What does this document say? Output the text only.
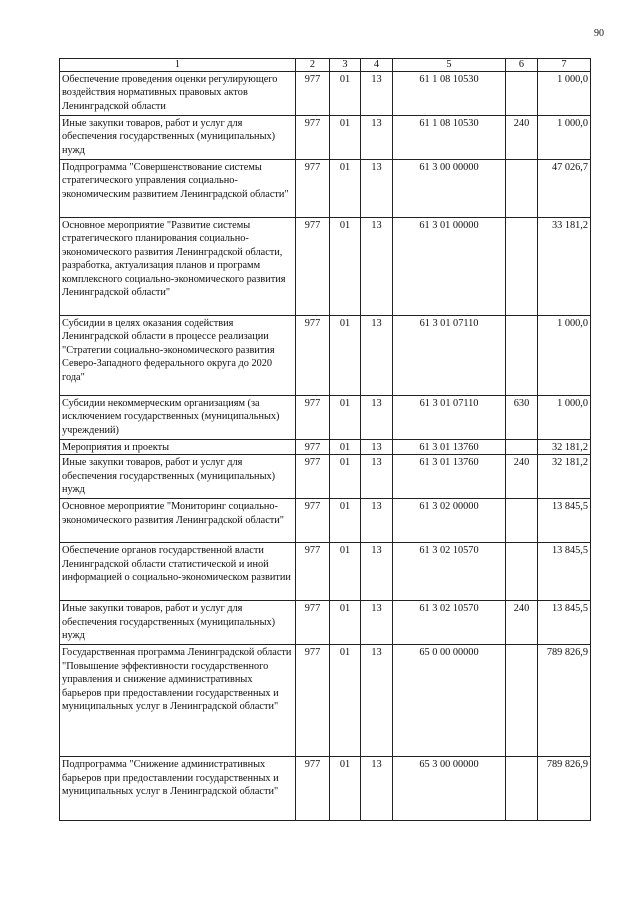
90
1	2	3	4	5	6	7
Обеспечение проведения оценки регулирующего воздействия нормативных правовых актов Ленинградской области	977	01	13	61 1 08 10530		1 000,0
Иные закупки товаров, работ и услуг для обеспечения государственных (муниципальных) нужд	977	01	13	61 1 08 10530	240	1 000,0
Подпрограмма "Совершенствование системы стратегического управления социально-экономическим развитием Ленинградской области"	977	01	13	61 3 00 00000		47 026,7
Основное мероприятие "Развитие системы стратегического планирования социально-экономического развития Ленинградской области, разработка, актуализация планов и программ комплексного социально-экономического развития Ленинградской области"	977	01	13	61 3 01 00000		33 181,2
Субсидии в целях оказания содействия Ленинградской области в процессе реализации "Стратегии социально-экономического развития Северо-Западного федерального округа до 2020 года"	977	01	13	61 3 01 07110		1 000,0
Субсидии некоммерческим организациям (за исключением государственных (муниципальных) учреждений)	977	01	13	61 3 01 07110	630	1 000,0
Мероприятия и проекты	977	01	13	61 3 01 13760		32 181,2
Иные закупки товаров, работ и услуг для обеспечения государственных (муниципальных) нужд	977	01	13	61 3 01 13760	240	32 181,2
Основное мероприятие "Мониторинг социально-экономического развития Ленинградской области"	977	01	13	61 3 02 00000		13 845,5
Обеспечение органов государственной власти Ленинградской области статистической и иной информацией о социально-экономическом развитии	977	01	13	61 3 02 10570		13 845,5
Иные закупки товаров, работ и услуг для обеспечения государственных (муниципальных) нужд	977	01	13	61 3 02 10570	240	13 845,5
Государственная программа Ленинградской области "Повышение эффективности государственного управления и снижение административных барьеров при предоставлении государственных и муниципальных услуг в Ленинградской области"	977	01	13	65 0 00 00000		789 826,9
Подпрограмма "Снижение административных барьеров при предоставлении государственных и муниципальных услуг в Ленинградской области"	977	01	13	65 3 00 00000		789 826,9
